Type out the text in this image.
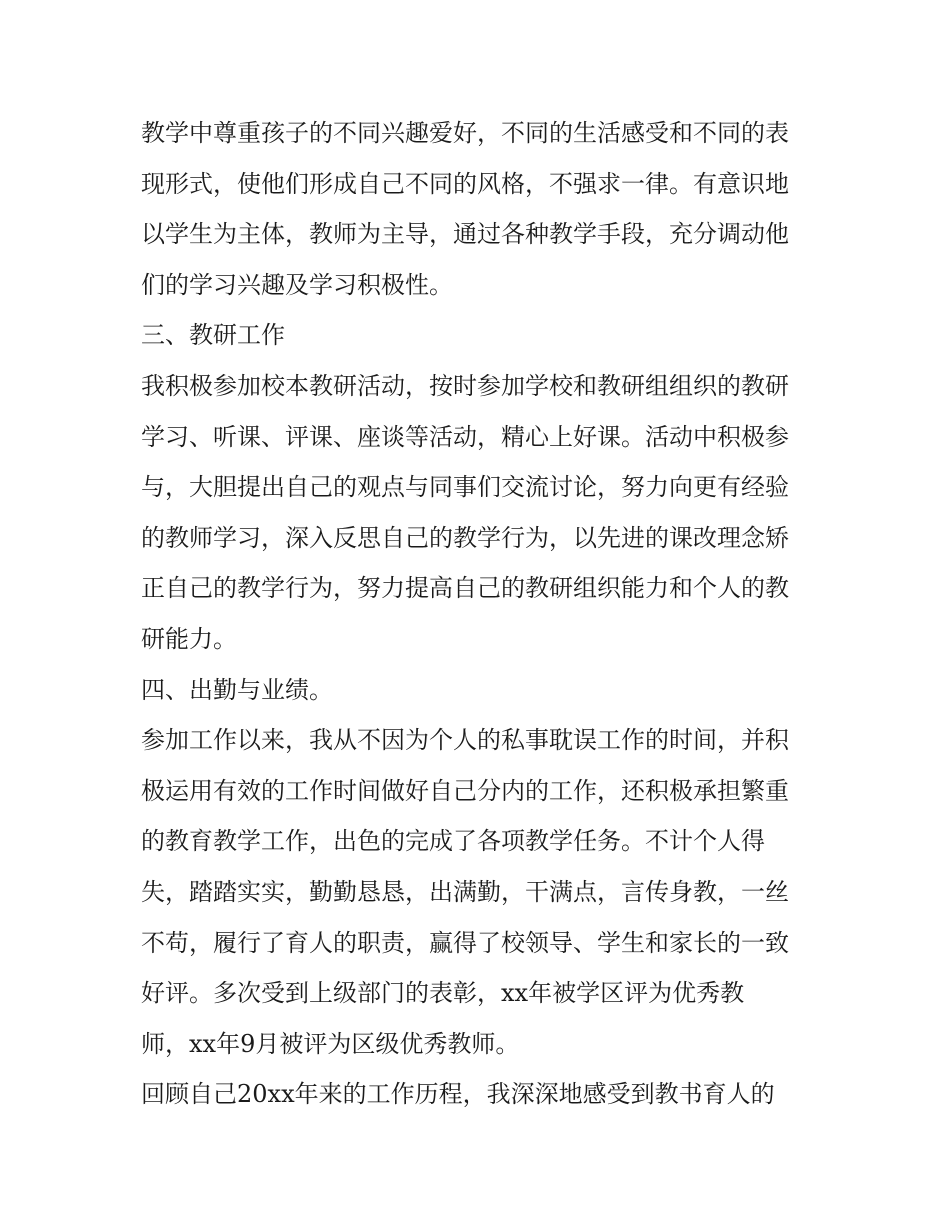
教学中尊重孩子的不同兴趣爱好，不同的生活感受和不同的表
现形式，使他们形成自己不同的风格，不强求一律。有意识地
以学生为主体，教师为主导，通过各种教学手段，充分调动他
们的学习兴趣及学习积极性。
三、教研工作
我积极参加校本教研活动，按时参加学校和教研组组织的教研
学习、听课、评课、座谈等活动，精心上好课。活动中积极参
与，大胆提出自己的观点与同事们交流讨论，努力向更有经验
的教师学习，深入反思自己的教学行为，以先进的课改理念矫
正自己的教学行为，努力提高自己的教研组织能力和个人的教
研能力。
四、出勤与业绩。
参加工作以来，我从不因为个人的私事耽误工作的时间，并积
极运用有效的工作时间做好自己分内的工作，还积极承担繁重
的教育教学工作，出色的完成了各项教学任务。不计个人得
失，踏踏实实，勤勤恳恳，出满勤，干满点，言传身教，一丝
不苟，履行了育人的职责，赢得了校领导、学生和家长的一致
好评。多次受到上级部门的表彰，xx年被学区评为优秀教
师，xx年9月被评为区级优秀教师。
回顾自己20xx年来的工作历程，我深深地感受到教书育人的
